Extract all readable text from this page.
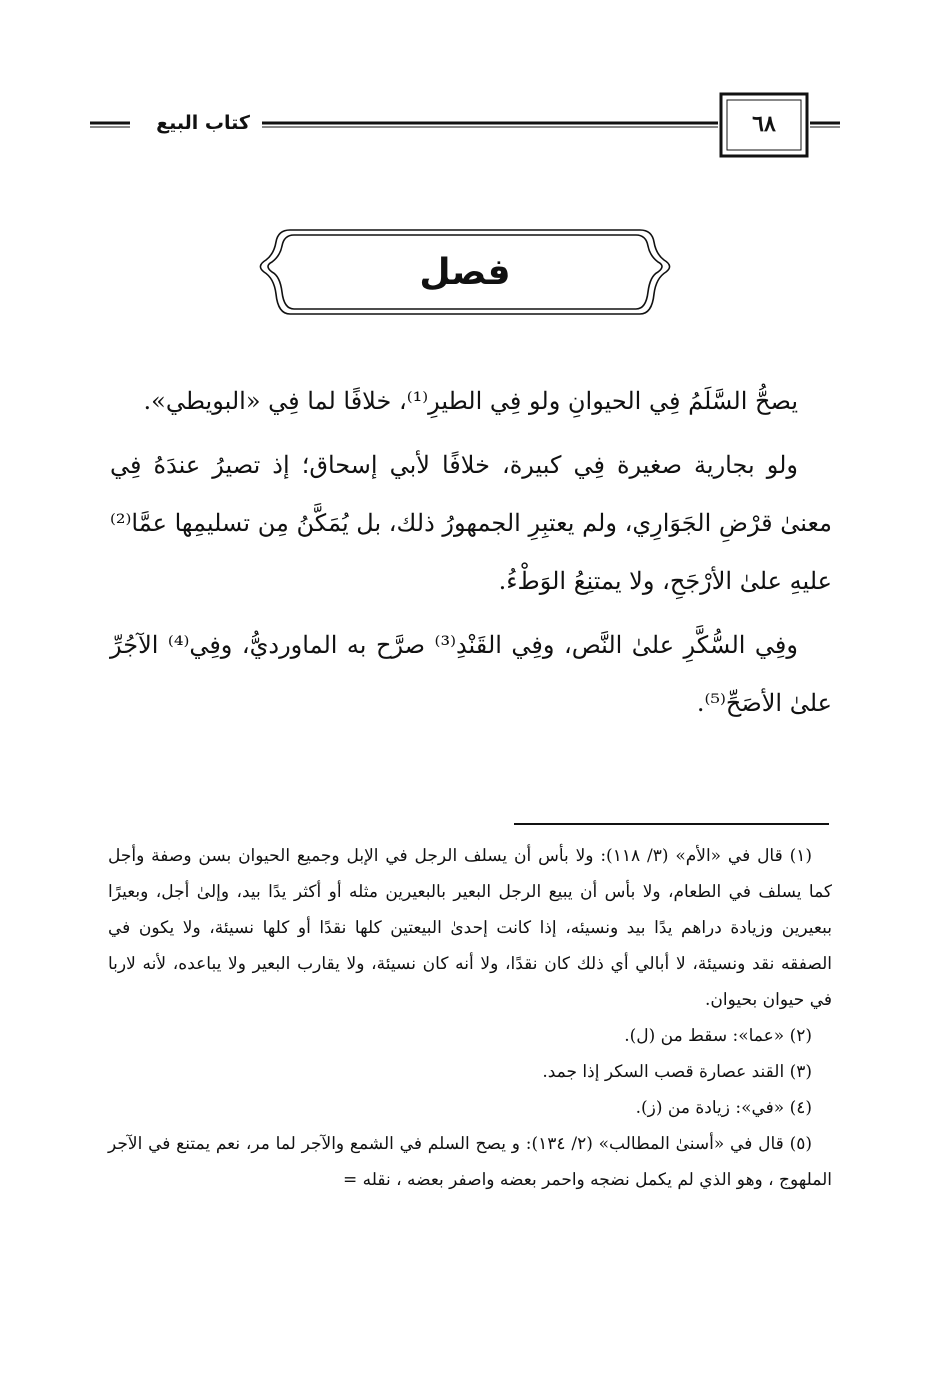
٦٨
كتاب البيع
فصل

يصحُّ السَّلَمُ فِي الحيوانِ ولو فِي الطيرِ⁽¹⁾، خلافًا لما فِي «البويطي».

ولو بجارية صغيرة فِي كبيرة، خلافًا لأبي إسحاق؛ إذ تصيرُ عندَهُ فِي معنىٰ قرْضِ الجَوَارِي، ولم يعتبِرِ الجمهورُ ذلك، بل يُمَكَّنُ مِن تسليمِها عمَّا⁽²⁾ عليهِ علىٰ الأرْجَحِ، ولا يمتنِعُ الوَطْءُ.

وفِي السُّكَّرِ علىٰ النَّص، وفِي القَنْدِ⁽³⁾ صرَّح به الماورديُّ، وفِي⁽⁴⁾ الآجُرِّ علىٰ الأصَحِّ⁽⁵⁾.

(١) قال في «الأم» (٣/ ١١٨): ولا بأس أن يسلف الرجل في الإبل وجميع الحيوان بسن وصفة وأجل كما يسلف في الطعام، ولا بأس أن يبيع الرجل البعير بالبعيرين مثله أو أكثر يدًا بيد، وإلىٰ أجل، وبعيرًا ببعيرين وزيادة دراهم يدًا بيد ونسيئه، إذا كانت إحدىٰ البيعتين كلها نقدًا أو كلها نسيئة، ولا يكون في الصفقه نقد ونسيئة، لا أبالي أي ذلك كان نقدًا، ولا أنه كان نسيئة، ولا يقارب البعير ولا يباعده، لأنه لاربا في حيوان بحيوان.

(٢) «عما»: سقط من (ل).

(٣) القند عصارة قصب السكر إذا جمد.

(٤) «في»: زيادة من (ز).

(٥) قال في «أسنىٰ المطالب» (٢/ ١٣٤): و يصح السلم في الشمع والآجر لما مر، نعم يمتنع في الآجر الملهوج ، وهو الذي لم يكمل نضجه واحمر بعضه واصفر بعضه ، نقله =
